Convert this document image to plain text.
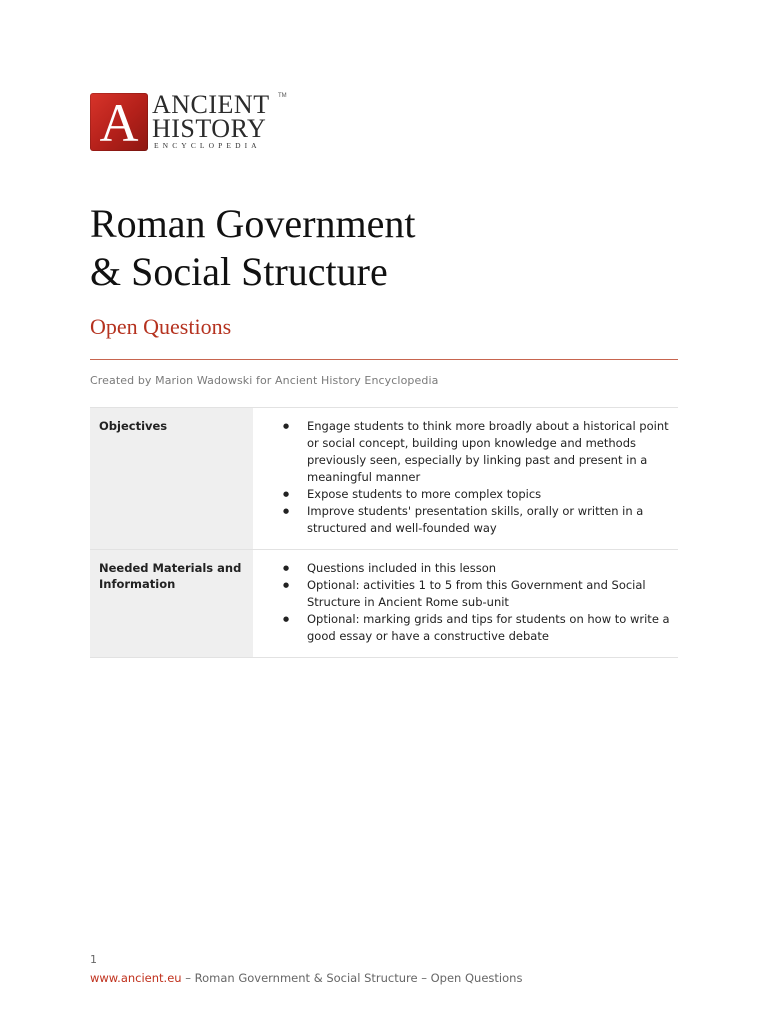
A ANCIENT
HISTORY
ENCYCLOPEDIA
TM
Roman Government
& Social Structure
Open Questions
Created by Marion Wadowski for Ancient History Encyclopedia
Objectives
●	Engage students to think more broadly about a historical point or social concept, building upon knowledge and methods previously seen, especially by linking past and present in a meaningful manner
● Expose students to more complex topics
● Improve students' presentation skills, orally or written in a structured and well-founded way
Needed Materials and Information
● Questions included in this lesson
● Optional: activities 1 to 5 from this Government and Social Structure in Ancient Rome sub-unit
● Optional: marking grids and tips for students on how to write a good essay or have a constructive debate
1
www.ancient.eu – Roman Government & Social Structure – Open Questions
